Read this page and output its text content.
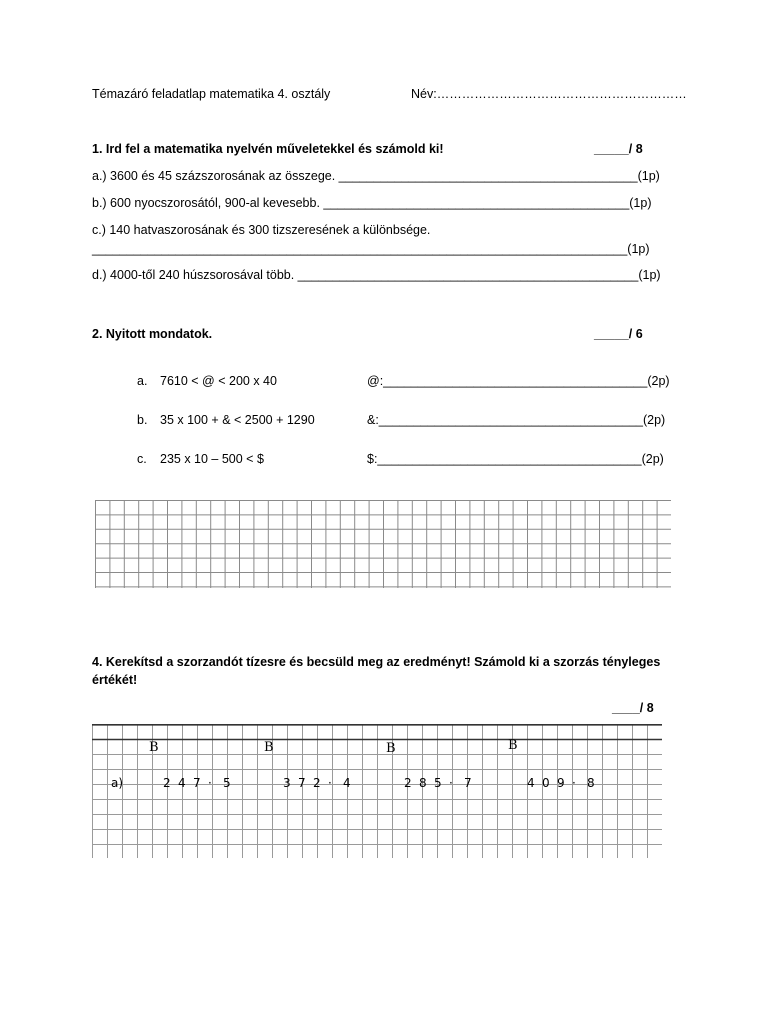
Témazáró feladatlap matematika 4. osztály	Név:……………………………………………………
1. Ird fel a matematika nyelvén műveletekkel és számold ki!	_____/ 8
a.) 3600 és 45 százszorosának az összege. ___________________________________________(1p)
b.) 600 nyocszorosától, 900-al kevesebb. ____________________________________________(1p)
c.) 140 hatvaszorosának és 300 tizszeresének a különbsége.
_____________________________________________________________________________(1p)
d.) 4000-től 240 húszsorosával több. _________________________________________________(1p)
2. Nyitott mondatok.	_____/ 6
a. 7610 < @ < 200 x 40	@:______________________________________(2p)
b. 35 x 100 + & < 2500 + 1290	&:______________________________________(2p)
c. 235 x 10 – 500 < $	$:______________________________________(2p)
4. Kerekítsd a szorzandót tízesre és becsüld meg az eredményt! Számold ki a szorzás tényleges
értékét!
____/ 8
B	B	B	B
a)	2 4 7 · 5	3 7 2 · 4	2 8 5 · 7	4 0 9 · 8
